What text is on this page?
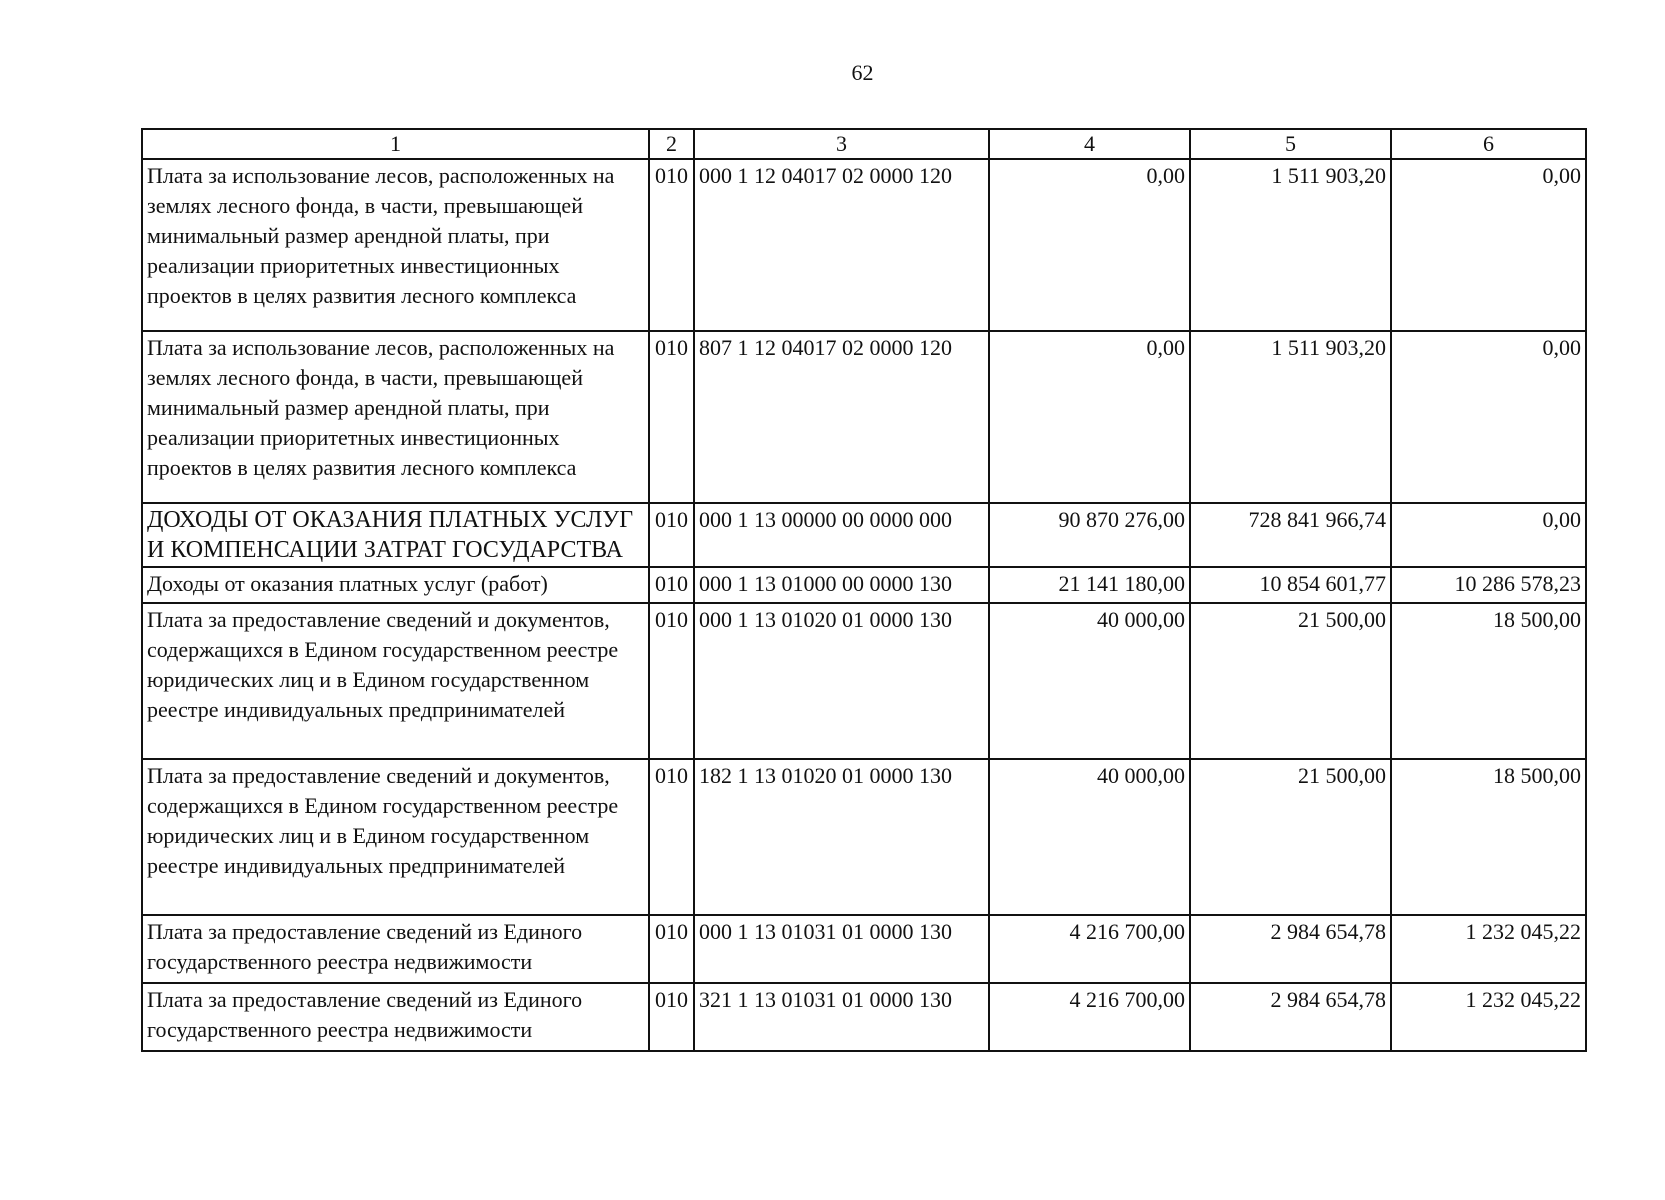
62
1	2	3	4	5	6
Плата за использование лесов, расположенных на землях лесного фонда, в части, превышающей минимальный размер арендной платы, при реализации приоритетных инвестиционных проектов в целях развития лесного комплекса	010	000 1 12 04017 02 0000 120	0,00	1 511 903,20	0,00
Плата за использование лесов, расположенных на землях лесного фонда, в части, превышающей минимальный размер арендной платы, при реализации приоритетных инвестиционных проектов в целях развития лесного комплекса	010	807 1 12 04017 02 0000 120	0,00	1 511 903,20	0,00
ДОХОДЫ ОТ ОКАЗАНИЯ ПЛАТНЫХ УСЛУГ И КОМПЕНСАЦИИ ЗАТРАТ ГОСУДАРСТВА	010	000 1 13 00000 00 0000 000	90 870 276,00	728 841 966,74	0,00
Доходы от оказания платных услуг (работ)	010	000 1 13 01000 00 0000 130	21 141 180,00	10 854 601,77	10 286 578,23
Плата за предоставление сведений и документов, содержащихся в Едином государственном реестре юридических лиц и в Едином государственном реестре индивидуальных предпринимателей	010	000 1 13 01020 01 0000 130	40 000,00	21 500,00	18 500,00
Плата за предоставление сведений и документов, содержащихся в Едином государственном реестре юридических лиц и в Едином государственном реестре индивидуальных предпринимателей	010	182 1 13 01020 01 0000 130	40 000,00	21 500,00	18 500,00
Плата за предоставление сведений из Единого государственного реестра недвижимости	010	000 1 13 01031 01 0000 130	4 216 700,00	2 984 654,78	1 232 045,22
Плата за предоставление сведений из Единого государственного реестра недвижимости	010	321 1 13 01031 01 0000 130	4 216 700,00	2 984 654,78	1 232 045,22
